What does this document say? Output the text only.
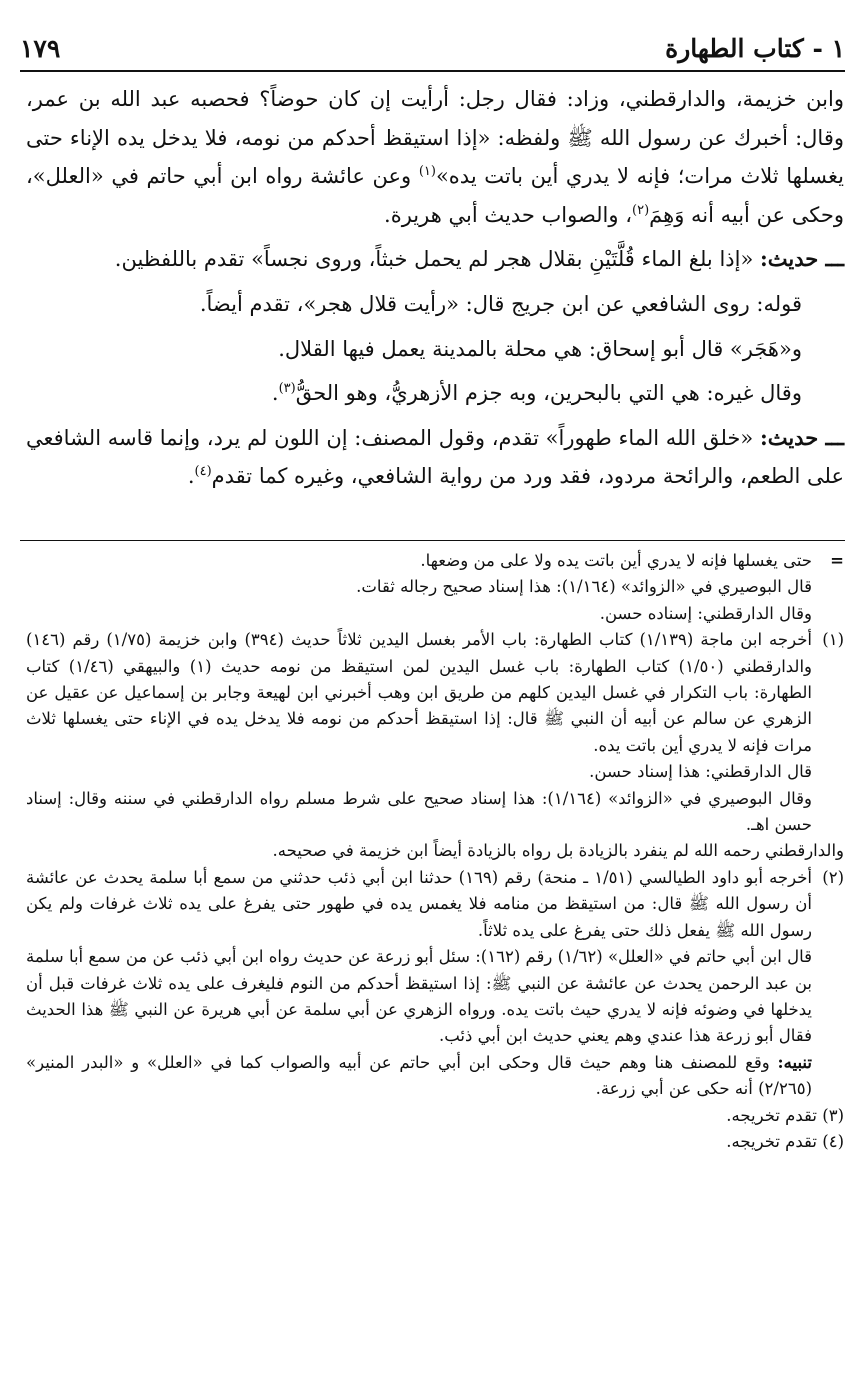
١ - كتاب الطهارة
١٧٩

وابن خزيمة، والدارقطني، وزاد: فقال رجل: أرأيت إن كان حوضاً؟ فحصبه عبد الله بن عمر، وقال: أخبرك عن رسول الله ﷺ ولفظه: «إذا استيقظ أحدكم من نومه، فلا يدخل يده الإناء حتى يغسلها ثلاث مرات؛ فإنه لا يدري أين باتت يده»$^{(١)}$ وعن عائشة رواه ابن أبي حاتم في «العلل»، وحكى عن أبيه أنه وَهِمَ$^{(٢)}$، والصواب حديث أبي هريرة.

ـــ حديث: «إذا بلغ الماء قُلَّتَيْنِ بقلال هجر لم يحمل خبثاً، وروى نجساً» تقدم باللفظين.

قوله: روى الشافعي عن ابن جريج قال: «رأيت قلال هجر»، تقدم أيضاً.

و«هَجَر» قال أبو إسحاق: هي محلة بالمدينة يعمل فيها القلال.

وقال غيره: هي التي بالبحرين، وبه جزم الأزهريُّ، وهو الحقُّ$^{(٣)}$.

ـــ حديث: «خلق الله الماء طهوراً» تقدم، وقول المصنف: إن اللون لم يرد، وإنما قاسه الشافعي على الطعم، والرائحة مردود، فقد ورد من رواية الشافعي، وغيره كما تقدم$^{(٤)}$.

=

حتى يغسلها فإنه لا يدري أين باتت يده ولا على من وضعها.

قال البوصيري في «الزوائد» (١/١٦٤): هذا إسناد صحيح رجاله ثقات.

وقال الدارقطني: إسناده حسن.

(١)

أخرجه ابن ماجة (١/١٣٩) كتاب الطهارة: باب الأمر بغسل اليدين ثلاثاً حديث (٣٩٤) وابن خزيمة (١/٧٥) رقم (١٤٦) والدارقطني (١/٥٠) كتاب الطهارة: باب غسل اليدين لمن استيقظ من نومه حديث (١) والبيهقي (١/٤٦) كتاب الطهارة: باب التكرار في غسل اليدين كلهم من طريق ابن وهب أخبرني ابن لهيعة وجابر بن إسماعيل عن عقيل عن الزهري عن سالم عن أبيه أن النبي ﷺ قال: إذا استيقظ أحدكم من نومه فلا يدخل يده في الإناء حتى يغسلها ثلاث مرات فإنه لا يدري أين باتت يده.

قال الدارقطني: هذا إسناد حسن.

وقال البوصيري في «الزوائد» (١/١٦٤): هذا إسناد صحيح على شرط مسلم رواه الدارقطني في سننه وقال: إسناد حسن اهـ.

والدارقطني رحمه الله لم ينفرد بالزيادة بل رواه بالزيادة أيضاً ابن خزيمة في صحيحه.

(٢)

أخرجه أبو داود الطيالسي (١/٥١ ـ منحة) رقم (١٦٩) حدثنا ابن أبي ذئب حدثني من سمع أبا سلمة يحدث عن عائشة أن رسول الله ﷺ قال: من استيقظ من منامه فلا يغمس يده في طهور حتى يفرغ على يده ثلاث غرفات ولم يكن رسول الله ﷺ يفعل ذلك حتى يفرغ على يده ثلاثاً.

قال ابن أبي حاتم في «العلل» (١/٦٢) رقم (١٦٢): سئل أبو زرعة عن حديث رواه ابن أبي ذئب عن من سمع أبا سلمة بن عبد الرحمن يحدث عن عائشة عن النبي ﷺ: إذا استيقظ أحدكم من النوم فليغرف على يده ثلاث غرفات قبل أن يدخلها في وضوئه فإنه لا يدري حيث باتت يده. ورواه الزهري عن أبي سلمة عن أبي هريرة عن النبي ﷺ هذا الحديث فقال أبو زرعة هذا عندي وهم يعني حديث ابن أبي ذئب.

تنبيه: وقع للمصنف هنا وهم حيث قال وحكى ابن أبي حاتم عن أبيه والصواب كما في «العلل» و «البدر المنير» (٢/٢٦٥) أنه حكى عن أبي زرعة.

(٣) تقدم تخريجه.

(٤) تقدم تخريجه.
